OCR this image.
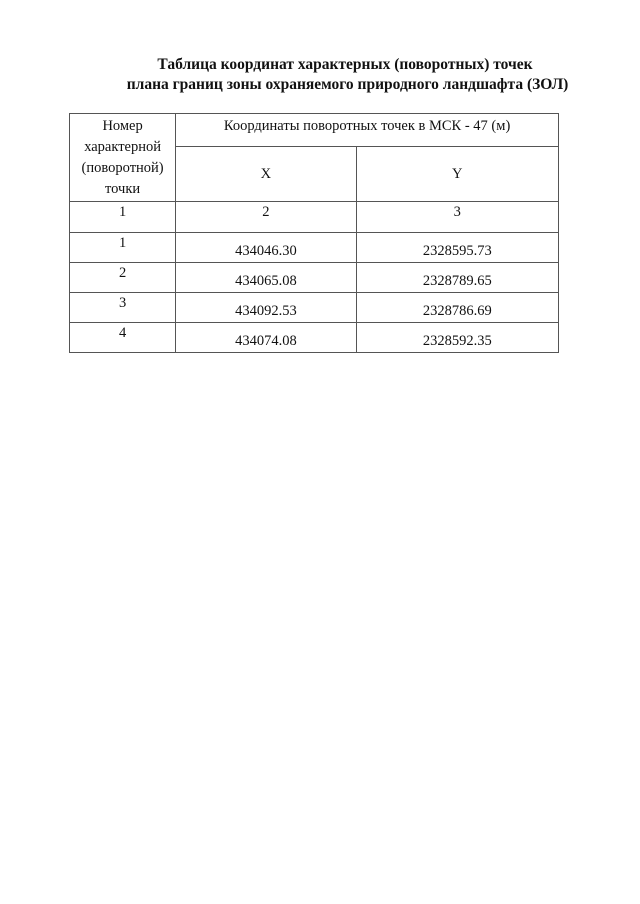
Таблица координат характерных (поворотных) точек
плана границ зоны охраняемого природного ландшафта (ЗОЛ)
Номер характерной (поворотной) точки	Координаты поворотных точек в МСК - 47 (м)	
	X	Y
1	2	3
1	434046.30	2328595.73
2	434065.08	2328789.65
3	434092.53	2328786.69
4	434074.08	2328592.35
